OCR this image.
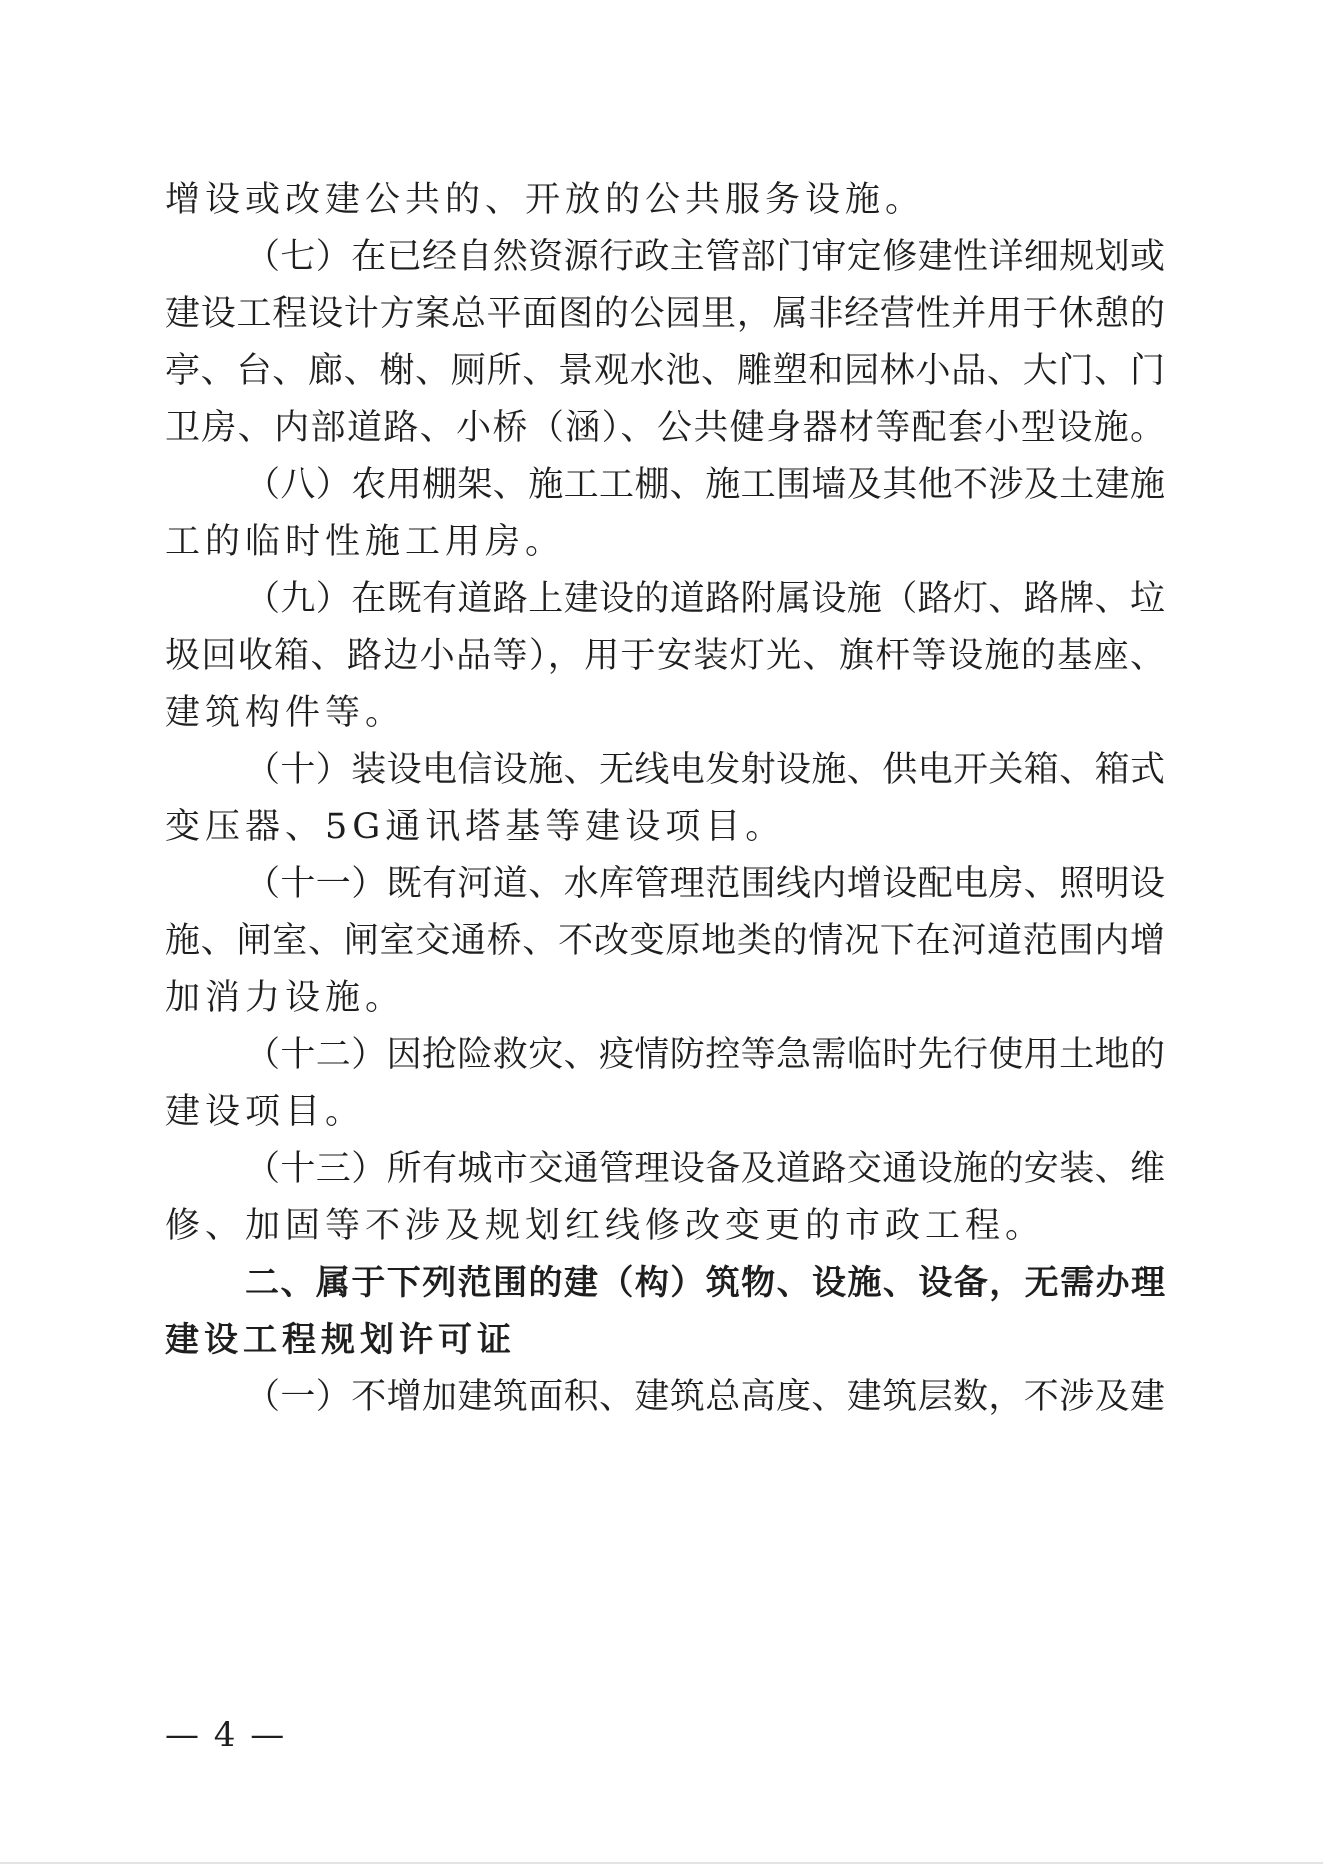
增设或改建公共的、开放的公共服务设施。
（七）在已经自然资源行政主管部门审定修建性详细规划或
建设工程设计方案总平面图的公园里，属非经营性并用于休憩的
亭、台、廊、榭、厕所、景观水池、雕塑和园林小品、大门、门
卫房、内部道路、小桥（涵）、公共健身器材等配套小型设施。
（八）农用棚架、施工工棚、施工围墙及其他不涉及土建施
工的临时性施工用房。
（九）在既有道路上建设的道路附属设施（路灯、路牌、垃
圾回收箱、路边小品等），用于安装灯光、旗杆等设施的基座、
建筑构件等。
（十）装设电信设施、无线电发射设施、供电开关箱、箱式
变压器、5G通讯塔基等建设项目。
（十一）既有河道、水库管理范围线内增设配电房、照明设
施、闸室、闸室交通桥、不改变原地类的情况下在河道范围内增
加消力设施。
（十二）因抢险救灾、疫情防控等急需临时先行使用土地的
建设项目。
（十三）所有城市交通管理设备及道路交通设施的安装、维
修、加固等不涉及规划红线修改变更的市政工程。
二、属于下列范围的建（构）筑物、设施、设备，无需办理
建设工程规划许可证
（一）不增加建筑面积、建筑总高度、建筑层数，不涉及建
— 4 —
